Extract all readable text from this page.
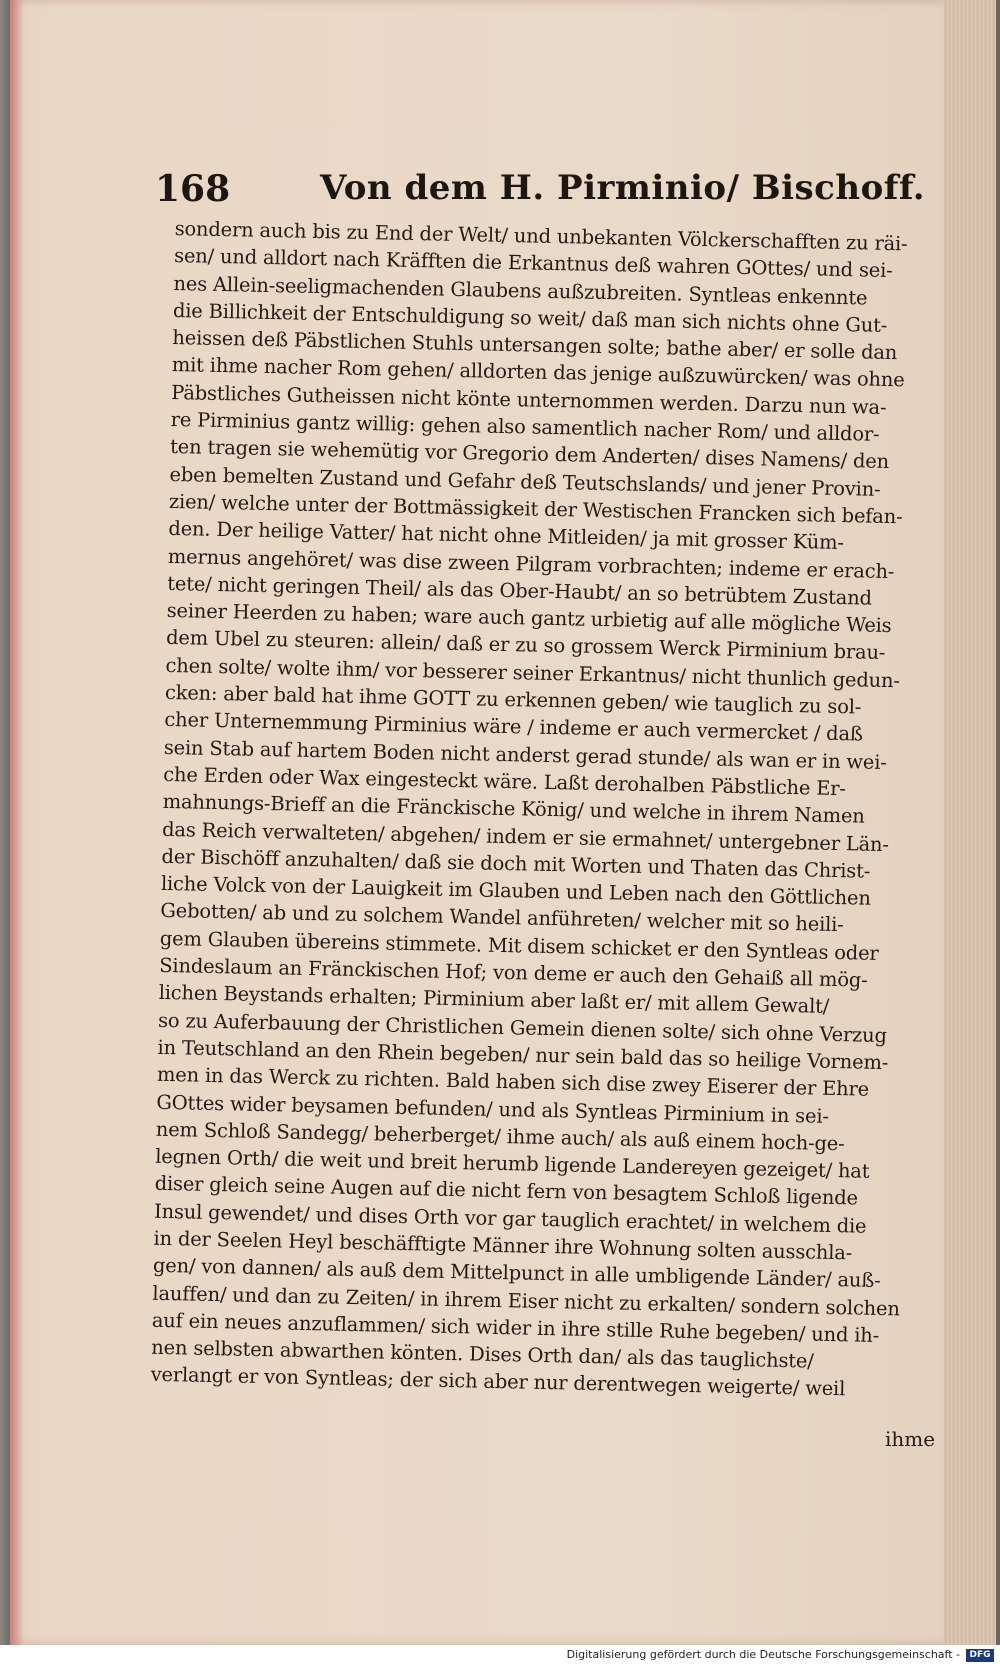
168	Von dem H. Pirminio/ Bischoff.
sondern auch bis zu End der Welt/ und unbekanten Völckerschafften zu räi-
sen/ und alldort nach Kräfften die Erkantnus deß wahren GOttes/ und sei-
nes Allein-seeligmachenden Glaubens außzubreiten. Syntleas enkennte
die Billichkeit der Entschuldigung so weit/ daß man sich nichts ohne Gut-
heissen deß Päbstlichen Stuhls untersangen solte; bathe aber/ er solle dan
mit ihme nacher Rom gehen/ alldorten das jenige außzuwürcken/ was ohne
Päbstliches Gutheissen nicht könte unternommen werden. Darzu nun wa-
re Pirminius gantz willig: gehen also samentlich nacher Rom/ und alldor-
ten tragen sie wehemütig vor Gregorio dem Anderten/ dises Namens/ den
eben bemelten Zustand und Gefahr deß Teutschslands/ und jener Provin-
zien/ welche unter der Bottmässigkeit der Westischen Francken sich befan-
den. Der heilige Vatter/ hat nicht ohne Mitleiden/ ja mit grosser Küm-
mernus angehöret/ was dise zween Pilgram vorbrachten; indeme er erach-
tete/ nicht geringen Theil/ als das Ober-Haubt/ an so betrübtem Zustand
seiner Heerden zu haben; ware auch gantz urbietig auf alle mögliche Weis
dem Ubel zu steuren: allein/ daß er zu so grossem Werck Pirminium brau-
chen solte/ wolte ihm/ vor besserer seiner Erkantnus/ nicht thunlich gedun-
cken: aber bald hat ihme GOTT zu erkennen geben/ wie tauglich zu sol-
cher Unternemmung Pirminius wäre / indeme er auch vermercket / daß
sein Stab auf hartem Boden nicht anderst gerad stunde/ als wan er in wei-
che Erden oder Wax eingesteckt wäre. Laßt derohalben Päbstliche Er-
mahnungs-Brieff an die Fränckische König/ und welche in ihrem Namen
das Reich verwalteten/ abgehen/ indem er sie ermahnet/ untergebner Län-
der Bischöff anzuhalten/ daß sie doch mit Worten und Thaten das Christ-
liche Volck von der Lauigkeit im Glauben und Leben nach den Göttlichen
Gebotten/ ab und zu solchem Wandel anführeten/ welcher mit so heili-
gem Glauben übereins stimmete. Mit disem schicket er den Syntleas oder
Sindeslaum an Fränckischen Hof; von deme er auch den Gehaiß all mög-
lichen Beystands erhalten; Pirminium aber laßt er/ mit allem Gewalt/
so zu Auferbauung der Christlichen Gemein dienen solte/ sich ohne Verzug
in Teutschland an den Rhein begeben/ nur sein bald das so heilige Vornem-
men in das Werck zu richten. Bald haben sich dise zwey Eiserer der Ehre
GOttes wider beysamen befunden/ und als Syntleas Pirminium in sei-
nem Schloß Sandegg/ beherberget/ ihme auch/ als auß einem hoch-ge-
legnen Orth/ die weit und breit herumb ligende Landereyen gezeiget/ hat
diser gleich seine Augen auf die nicht fern von besagtem Schloß ligende
Insul gewendet/ und dises Orth vor gar tauglich erachtet/ in welchem die
in der Seelen Heyl beschäfftigte Männer ihre Wohnung solten ausschla-
gen/ von dannen/ als auß dem Mittelpunct in alle umbligende Länder/ auß-
lauffen/ und dan zu Zeiten/ in ihrem Eiser nicht zu erkalten/ sondern solchen
auf ein neues anzuflammen/ sich wider in ihre stille Ruhe begeben/ und ih-
nen selbsten abwarthen könten. Dises Orth dan/ als das tauglichste/
verlangt er von Syntleas; der sich aber nur derentwegen weigerte/ weil
ihme
Digitalisierung gefördert durch die Deutsche Forschungsgemeinschaft -	DFG
